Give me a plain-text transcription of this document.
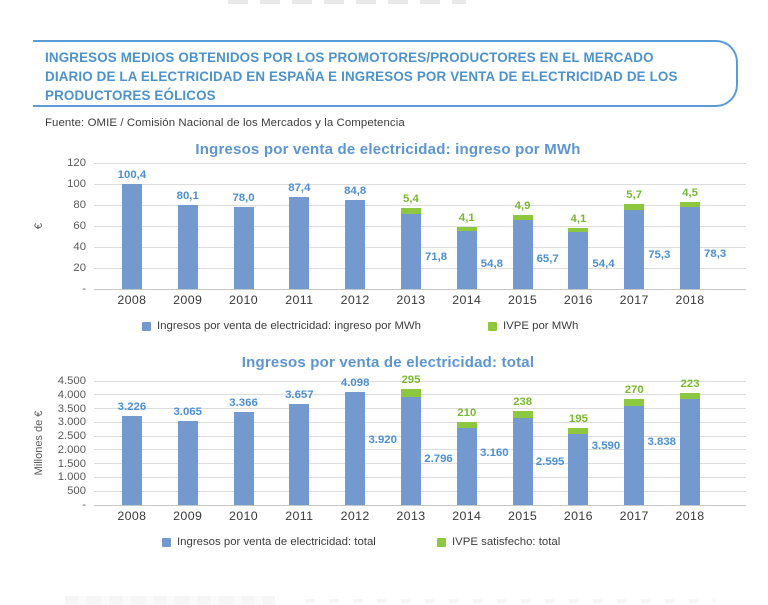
INGRESOS MEDIOS OBTENIDOS POR LOS PROMOTORES/PRODUCTORES EN EL MERCADO
DIARIO DE LA ELECTRICIDAD EN ESPAÑA E INGRESOS POR VENTA DE ELECTRICIDAD DE LOS
PRODUCTORES EÓLICOS
Fuente: OMIE / Comisión Nacional de los Mercados y la Competencia
Ingresos por venta de electricidad: ingreso por MWh
€
120
100
80
60
40
20
-
100,4
80,1	78,0
87,4	84,8
5,4
71,8
4,1
54,8
4,9
65,7
4,1
54,4
5,7
75,3
4,5
78,3
2008	2009	2010	2011	2012	2013	2014	2015	2016	2017	2018
Ingresos por venta de electricidad: ingreso por MWh	IVPE por MWh
Ingresos por venta de electricidad: total
Millones de €
4.500
4.000
3.500
3.000
2.500
2.000
1.500
1.000
500
-
3.226 3.065
3.366
3.657
4.098	295
3.920
210
2.796
238
3.160
195
2.595
270
3.590
223
3.838
2008	2009	2010	2011	2012	2013	2014	2015	2016	2017	2018
Ingresos por venta de electricidad: total	IVPE satisfecho: total
